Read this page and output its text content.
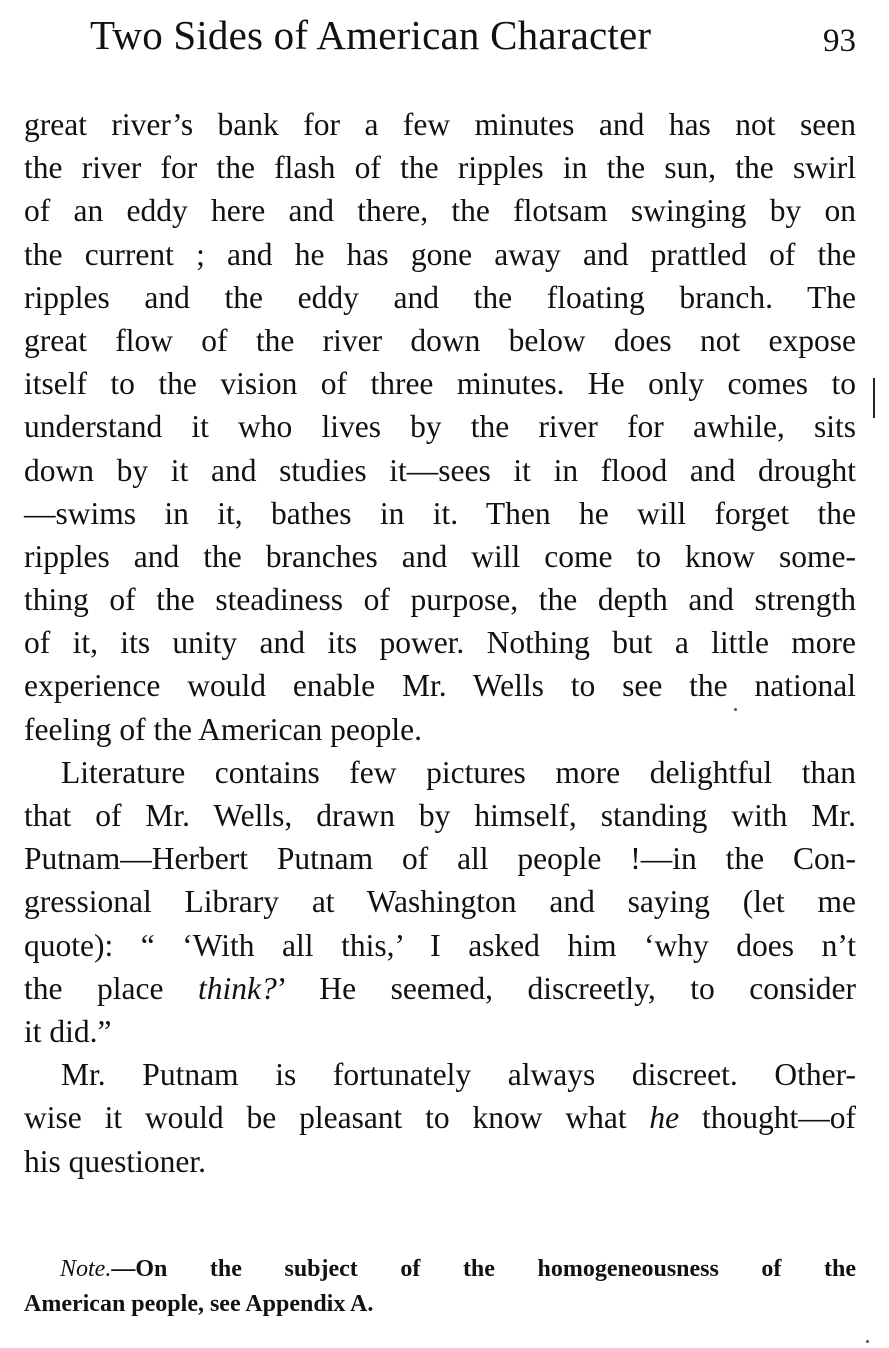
Two Sides of American Character	93
great river’s bank for a few minutes and has not seen
the river for the flash of the ripples in the sun, the swirl
of an eddy here and there, the flotsam swinging by on
the current ; and he has gone away and prattled of the
ripples and the eddy and the floating branch. The
great flow of the river down below does not expose
itself to the vision of three minutes. He only comes to
understand it who lives by the river for awhile, sits
down by it and studies it—sees it in flood and drought
—swims in it, bathes in it. Then he will forget the
ripples and the branches and will come to know some-
thing of the steadiness of purpose, the depth and strength
of it, its unity and its power. Nothing but a little more
experience would enable Mr. Wells to see the national
feeling of the American people.
Literature contains few pictures more delightful than
that of Mr. Wells, drawn by himself, standing with Mr.
Putnam—Herbert Putnam of all people !—in the Con-
gressional Library at Washington and saying (let me
quote): “ ‘With all this,’ I asked him ‘why does n’t
the place think?’ He seemed, discreetly, to consider
it did.”
Mr. Putnam is fortunately always discreet. Other-
wise it would be pleasant to know what he thought—of
his questioner.
Note.—On the subject of the homogeneousness of the
American people, see Appendix A.
